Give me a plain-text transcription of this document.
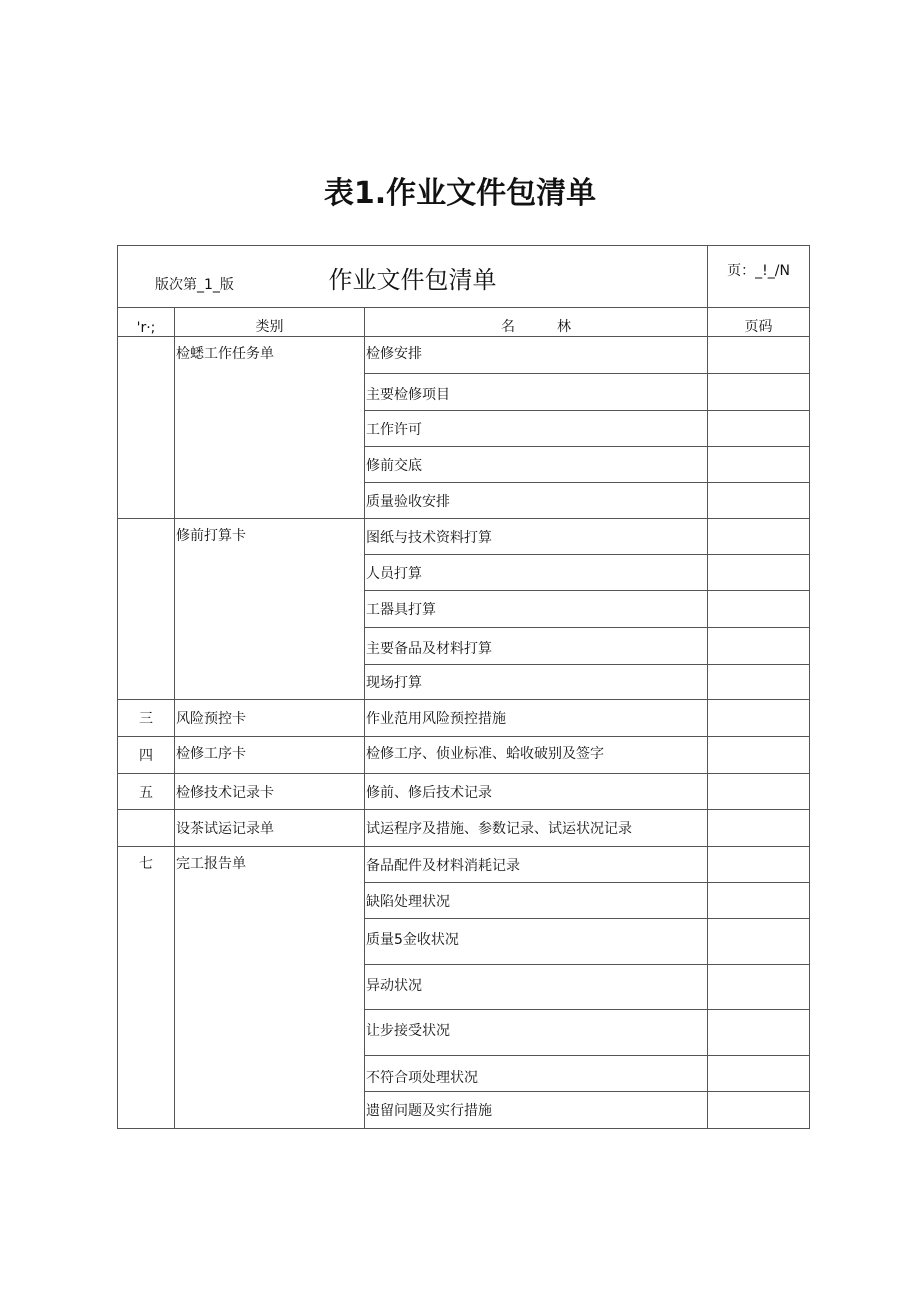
表1.作业文件包清单
版次第_1_版 作业文件包清单			页：_!_/N
'r·;	类别	名　　　林	页码
	检蟋工作任务单	检修安排	
		主要检修项目	
		工作许可	
		修前交底	
		质量验收安排	
	修前打算卡	图纸与技术资料打算	
		人员打算	
		工器具打算	
		主要备品及材料打算	
		现场打算	
三	风险预控卡	作业范用风险预控措施	
四	检修工序卡	检修工序、侦业标准、蛤收破别及签字	
五	检修技术记录卡	修前、修后技术记录	
	设茶试运记录单	试运程序及措施、参数记录、试运状况记录	
七	完工报告单	备品配件及材料消耗记录	
		缺陷处理状况	
		质量5金收状况	
		异动状况	
		让步接受状况	
		不符合项处理状况	
		遗留问题及实行措施	
